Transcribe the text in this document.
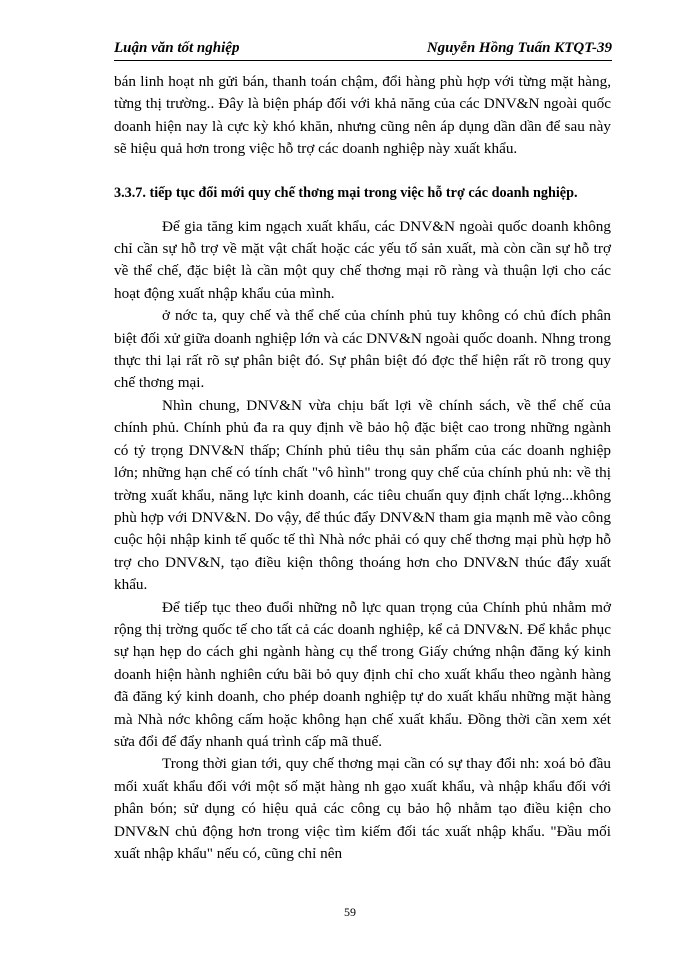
Luận văn tốt nghiệp	Nguyễn Hồng Tuấn KTQT-39

bán linh hoạt nh gửi bán, thanh toán chậm, đổi hàng phù hợp với từng mặt hàng, từng thị trường.. Đây là biện pháp đối với khả năng của các DNV&N ngoài quốc doanh hiện nay là cực kỳ khó khăn, nhưng cũng nên áp dụng dần dần để sau này sẽ hiệu quả hơn trong việc hỗ trợ các doanh nghiệp này xuất khẩu.

3.3.7. tiếp tục đổi mới quy chế thơng mại trong việc hỗ trợ các doanh nghiệp.

Để gia tăng kim ngạch xuất khẩu, các DNV&N ngoài quốc doanh không chỉ cần sự hỗ trợ về mặt vật chất hoặc các yếu tố sản xuất, mà còn cần sự hỗ trợ về thể chế, đặc biệt là cần một quy chế thơng mại rõ ràng và thuận lợi cho các hoạt động xuất nhập khẩu của mình.

ở nớc ta, quy chế và thể chế của chính phủ tuy không có chủ đích phân biệt đối xử giữa doanh nghiệp lớn và các DNV&N ngoài quốc doanh. Nhng trong thực thi lại rất rõ sự phân biệt đó. Sự phân biệt đó đợc thể hiện rất rõ trong quy chế thơng mại.

Nhìn chung, DNV&N vừa chịu bất lợi về chính sách, về thể chế của chính phủ. Chính phủ đa ra quy định về bảo hộ đặc biệt cao trong những ngành có tỷ trọng DNV&N thấp; Chính phủ tiêu thụ sản phẩm của các doanh nghiệp lớn; những hạn chế có tính chất "vô hình" trong quy chế của chính phủ nh: về thị trờng xuất khẩu, năng lực kinh doanh, các tiêu chuẩn quy định chất lợng...không phù hợp với DNV&N. Do vậy, để thúc đẩy DNV&N tham gia mạnh mẽ vào công cuộc hội nhập kinh tế quốc tế thì Nhà nớc phải có quy chế thơng mại phù hợp hỗ trợ cho DNV&N, tạo điều kiện thông thoáng hơn cho DNV&N thúc đẩy xuất khẩu.

Để tiếp tục theo đuổi những nỗ lực quan trọng của Chính phủ nhằm mở rộng thị trờng quốc tế cho tất cả các doanh nghiệp, kể cả DNV&N. Để khắc phục sự hạn hẹp do cách ghi ngành hàng cụ thể trong Giấy chứng nhận đăng ký kinh doanh hiện hành nghiên cứu bãi bỏ quy định chỉ cho xuất khẩu theo ngành hàng đã đăng ký kinh doanh, cho phép doanh nghiệp tự do xuất khẩu những mặt hàng mà Nhà nớc không cấm hoặc không hạn chế xuất khẩu. Đồng thời cần xem xét sửa đổi để đẩy nhanh quá trình cấp mã thuế.

Trong thời gian tới, quy chế thơng mại cần có sự thay đổi nh: xoá bỏ đầu mối xuất khẩu đối với một số mặt hàng nh gạo xuất khẩu, và nhập khẩu đối với phân bón; sử dụng có hiệu quả các công cụ bảo hộ nhằm tạo điều kiện cho DNV&N chủ động hơn trong việc tìm kiếm đối tác xuất nhập khẩu. "Đầu mối xuất nhập khẩu" nếu có, cũng chỉ nên

59
